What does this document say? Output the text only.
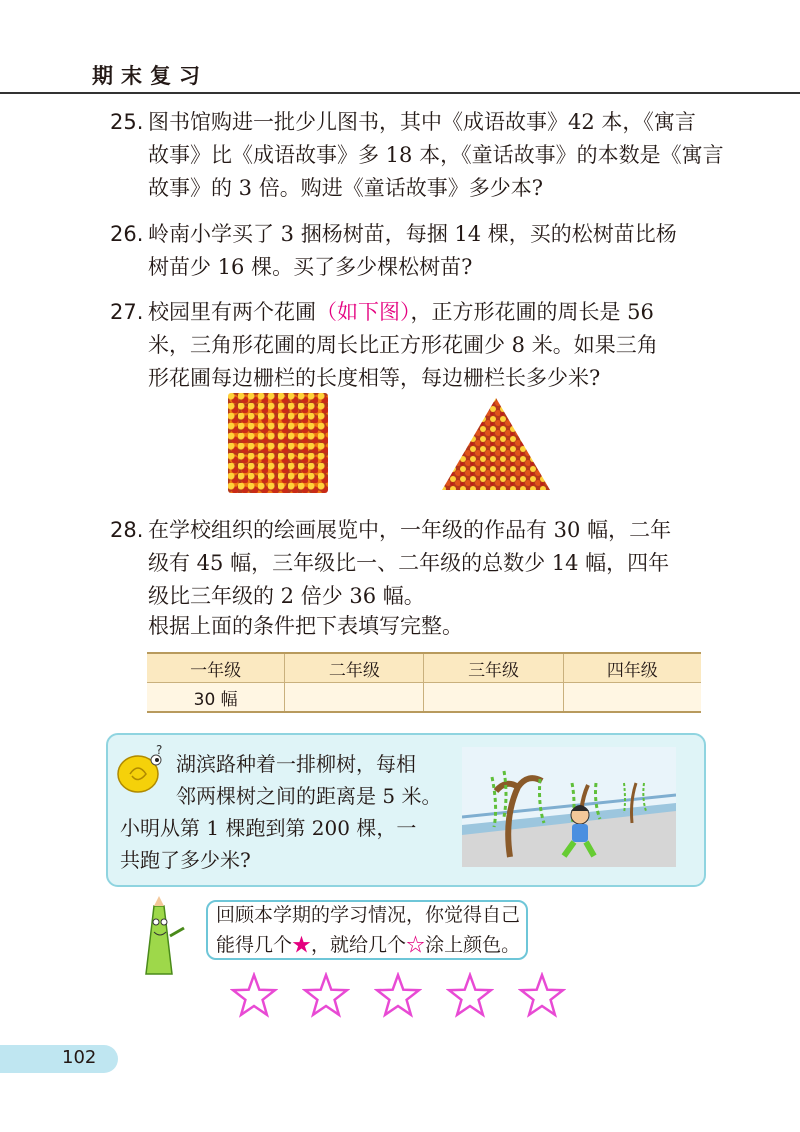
期末复习
25. 图书馆购进一批少儿图书，其中《成语故事》42 本，《寓言
故事》比《成语故事》多 18 本，《童话故事》的本数是《寓言
故事》的 3 倍。购进《童话故事》多少本?
26. 岭南小学买了 3 捆杨树苗，每捆 14 棵，买的松树苗比杨
树苗少 16 棵。买了多少棵松树苗?
27. 校园里有两个花圃（如下图），正方形花圃的周长是 56
米，三角形花圃的周长比正方形花圃少 8 米。如果三角
形花圃每边栅栏的长度相等，每边栅栏长多少米?
28. 在学校组织的绘画展览中，一年级的作品有 30 幅，二年
级有 45 幅，三年级比一、二年级的总数少 14 幅，四年
级比三年级的 2 倍少 36 幅。
根据上面的条件把下表填写完整。
一年级	二年级	三年级	四年级
30 幅			
?
湖滨路种着一排柳树，每相
邻两棵树之间的距离是 5 米。
小明从第 1 棵跑到第 200 棵，一
共跑了多少米?
回顾本学期的学习情况，你觉得自己
能得几个★，就给几个☆涂上颜色。
102
